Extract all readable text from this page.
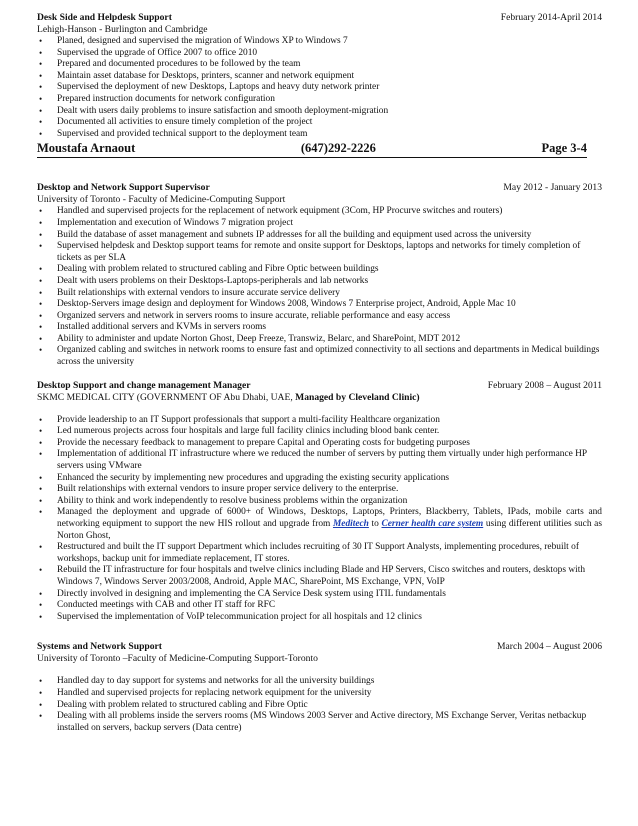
Desk Side and Helpdesk Support	February 2014-April 2014
Lehigh-Hanson - Burlington and Cambridge
• Planed, designed and supervised the migration of Windows XP to Windows 7
• Supervised the upgrade of Office 2007 to office 2010
• Prepared and documented procedures to be followed by the team
• Maintain asset database for Desktops, printers, scanner and network equipment
• Supervised the deployment of new Desktops, Laptops and heavy duty network printer
• Prepared instruction documents for network configuration
• Dealt with users daily problems to insure satisfaction and smooth deployment-migration
• Documented all activities to ensure timely completion of the project
• Supervised and provided technical support to the deployment team
Moustafa Arnaout	(647)292-2226	Page 3-4
Desktop and Network Support Supervisor	May 2012 - January 2013
University of Toronto - Faculty of Medicine-Computing Support
• Handled and supervised projects for the replacement of network equipment (3Com, HP Procurve switches and routers)
• Implementation and execution of Windows 7 migration project
• Build the database of asset management and subnets IP addresses for all the building and equipment used across the university
• Supervised helpdesk and Desktop support teams for remote and onsite support for Desktops, laptops and networks for timely completion of tickets as per SLA
• Dealing with problem related to structured cabling and Fibre Optic between buildings
• Dealt with users problems on their Desktops-Laptops-peripherals and lab networks
• Built relationships with external vendors to insure accurate service delivery
• Desktop-Servers image design and deployment for Windows 2008, Windows 7 Enterprise project, Android, Apple Mac 10
• Organized servers and network in servers rooms to insure accurate, reliable performance and easy access
• Installed additional servers and KVMs in servers rooms
• Ability to administer and update Norton Ghost, Deep Freeze, Transwiz, Belarc, and SharePoint, MDT 2012
• Organized cabling and switches in network rooms to ensure fast and optimized connectivity to all sections and departments in Medical buildings across the university
Desktop Support and change management Manager	February 2008 – August 2011
SKMC MEDICAL CITY (GOVERNMENT OF Abu Dhabi, UAE, Managed by Cleveland Clinic)
• Provide leadership to an IT Support professionals that support a multi-facility Healthcare organization
• Led numerous projects across four hospitals and large full facility clinics including blood bank center.
• Provide the necessary feedback to management to prepare Capital and Operating costs for budgeting purposes
• Implementation of additional IT infrastructure where we reduced the number of servers by putting them virtually under high performance HP servers using VMware
• Enhanced the security by implementing new procedures and upgrading the existing security applications
• Built relationships with external vendors to insure proper service delivery to the enterprise.
• Ability to think and work independently to resolve business problems within the organization
• Managed the deployment and upgrade of 6000+ of Windows, Desktops, Laptops, Printers, Blackberry, Tablets, IPads, mobile carts and networking equipment to support the new HIS rollout and upgrade from Meditech to Cerner health care system using different utilities such as Norton Ghost,
• Restructured and built the IT support Department which includes recruiting of 30 IT Support Analysts, implementing procedures, rebuilt of workshops, backup unit for immediate replacement, IT stores.
• Rebuild the IT infrastructure for four hospitals and twelve clinics including Blade and HP Servers, Cisco switches and routers, desktops with Windows 7, Windows Server 2003/2008, Android, Apple MAC, SharePoint, MS Exchange, VPN, VoIP
• Directly involved in designing and implementing the CA Service Desk system using ITIL fundamentals
• Conducted meetings with CAB and other IT staff for RFC
• Supervised the implementation of VoIP telecommunication project for all hospitals and 12 clinics
Systems and Network Support	March 2004 – August 2006
University of Toronto –Faculty of Medicine-Computing Support-Toronto
• Handled day to day support for systems and networks for all the university buildings
• Handled and supervised projects for replacing network equipment for the university
• Dealing with problem related to structured cabling and Fibre Optic
• Dealing with all problems inside the servers rooms (MS Windows 2003 Server and Active directory, MS Exchange Server, Veritas netbackup installed on servers, backup servers (Data centre)
